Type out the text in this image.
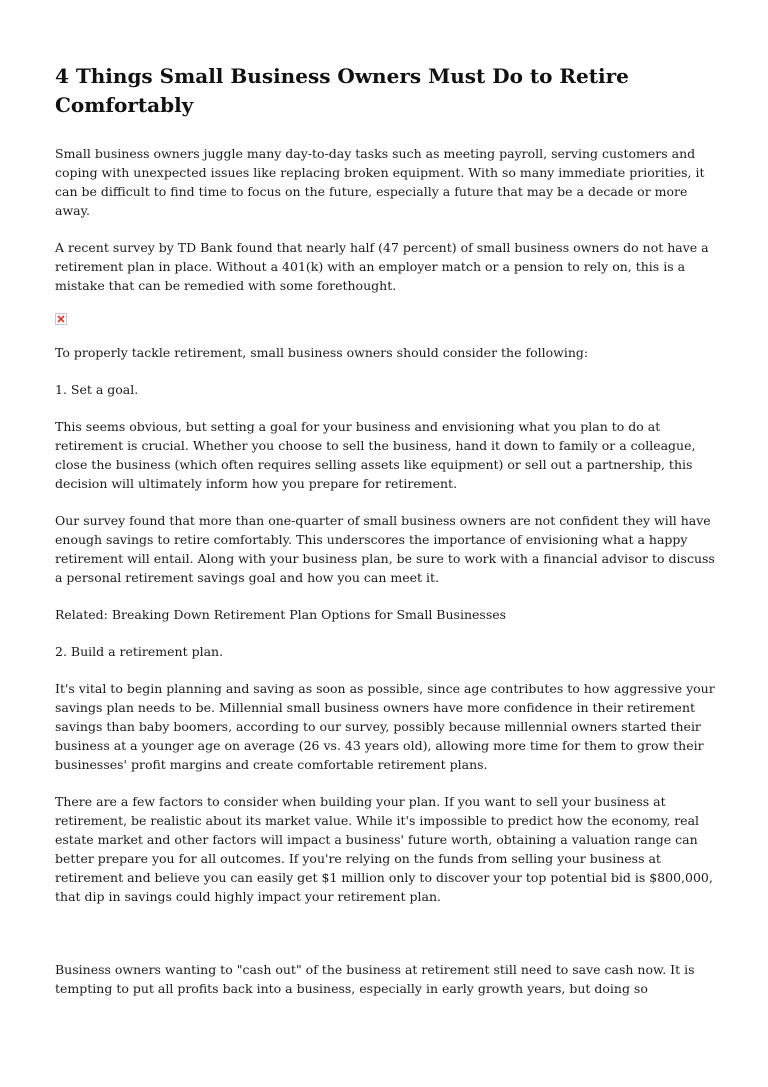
4 Things Small Business Owners Must Do to Retire Comfortably

Small business owners juggle many day-to-day tasks such as meeting payroll, serving customers and coping with unexpected issues like replacing broken equipment. With so many immediate priorities, it can be difficult to find time to focus on the future, especially a future that may be a decade or more away.

A recent survey by TD Bank found that nearly half (47 percent) of small business owners do not have a retirement plan in place. Without a 401(k) with an employer match or a pension to rely on, this is a mistake that can be remedied with some forethought.

To properly tackle retirement, small business owners should consider the following:

1. Set a goal.

This seems obvious, but setting a goal for your business and envisioning what you plan to do at retirement is crucial. Whether you choose to sell the business, hand it down to family or a colleague, close the business (which often requires selling assets like equipment) or sell out a partnership, this decision will ultimately inform how you prepare for retirement.

Our survey found that more than one-quarter of small business owners are not confident they will have enough savings to retire comfortably. This underscores the importance of envisioning what a happy retirement will entail. Along with your business plan, be sure to work with a financial advisor to discuss a personal retirement savings goal and how you can meet it.

Related: Breaking Down Retirement Plan Options for Small Businesses

2. Build a retirement plan.

It's vital to begin planning and saving as soon as possible, since age contributes to how aggressive your savings plan needs to be. Millennial small business owners have more confidence in their retirement savings than baby boomers, according to our survey, possibly because millennial owners started their business at a younger age on average (26 vs. 43 years old), allowing more time for them to grow their businesses' profit margins and create comfortable retirement plans.

There are a few factors to consider when building your plan. If you want to sell your business at retirement, be realistic about its market value. While it's impossible to predict how the economy, real estate market and other factors will impact a business' future worth, obtaining a valuation range can better prepare you for all outcomes. If you're relying on the funds from selling your business at retirement and believe you can easily get $1 million only to discover your top potential bid is $800,000, that dip in savings could highly impact your retirement plan.

Business owners wanting to "cash out" of the business at retirement still need to save cash now. It is tempting to put all profits back into a business, especially in early growth years, but doing so
